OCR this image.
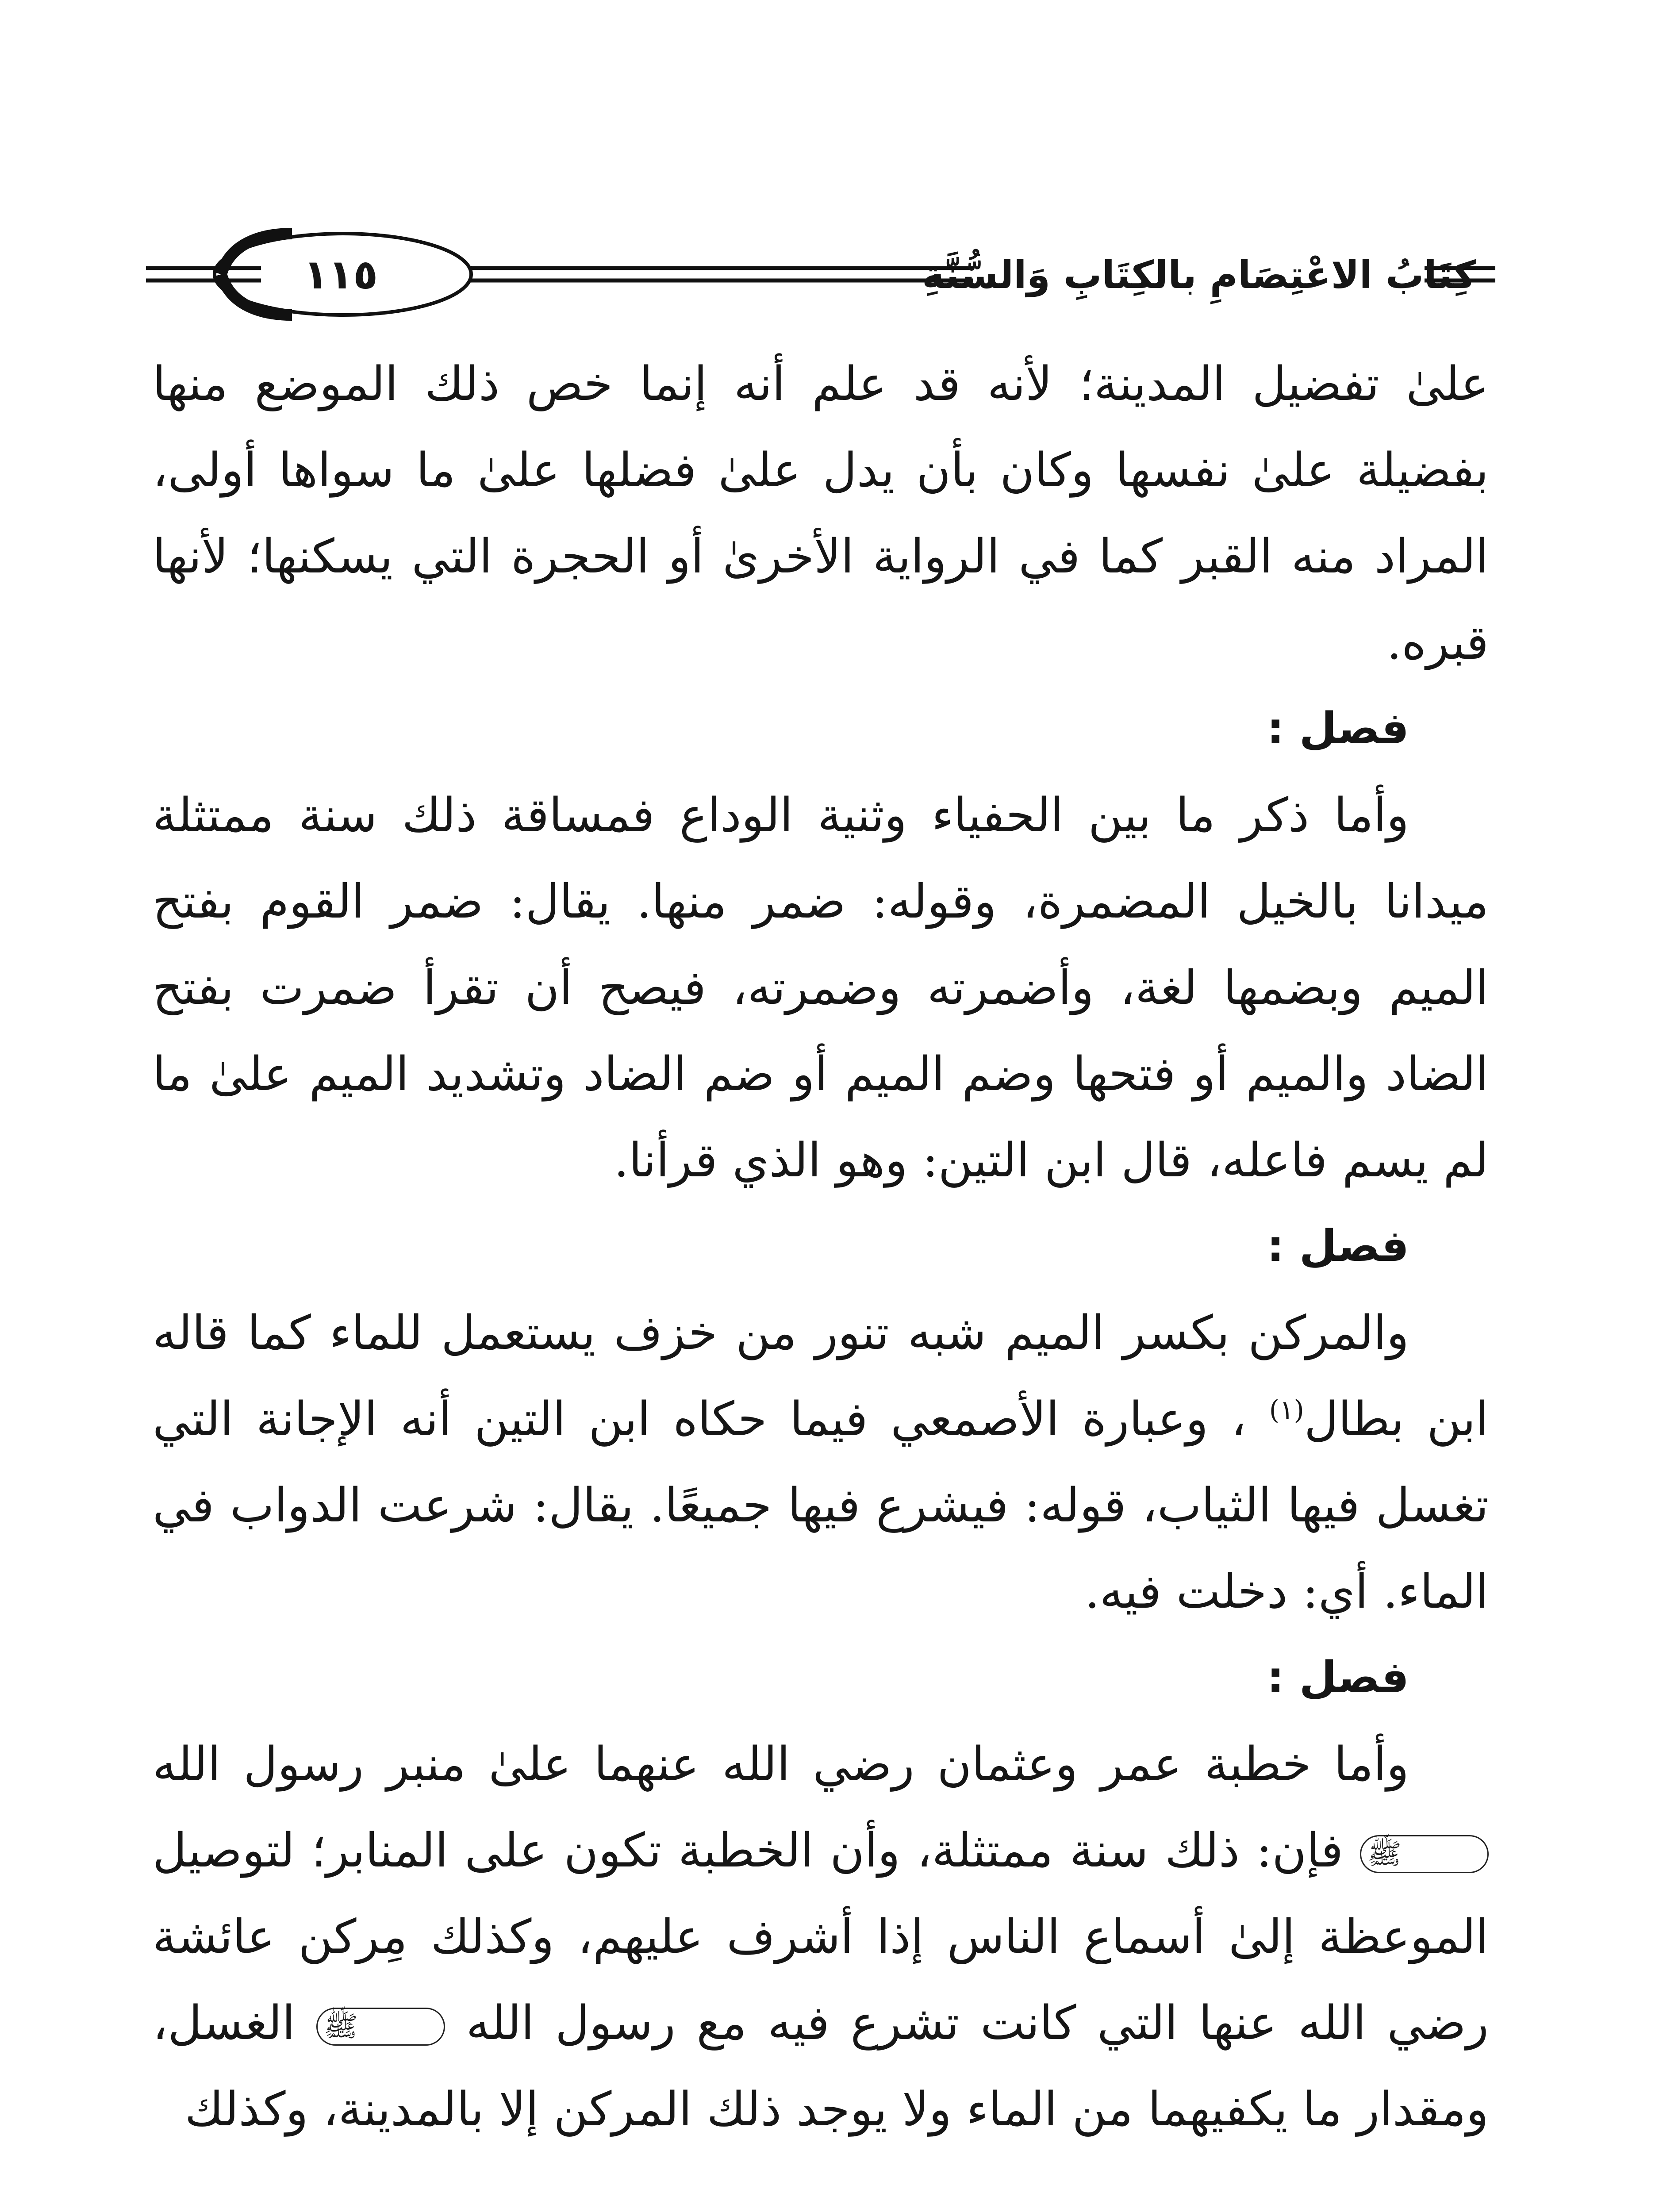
١١٥	كِتَابُ الاعْتِصَامِ بالكِتَابِ وَالسُّنَّةِ

علىٰ تفضيل المدينة؛ لأنه قد علم أنه إنما خص ذلك الموضع منها بفضيلة علىٰ نفسها وكان بأن يدل علىٰ فضلها علىٰ ما سواها أولى، المراد منه القبر كما في الرواية الأخرىٰ أو الحجرة التي يسكنها؛ لأنها قبره.

فصل :

وأما ذكر ما بين الحفياء وثنية الوداع فمساقة ذلك سنة ممتثلة ميدانا بالخيل المضمرة، وقوله: ضمر منها. يقال: ضمر القوم بفتح الميم وبضمها لغة، وأضمرته وضمرته، فيصح أن تقرأ ضمرت بفتح الضاد والميم أو فتحها وضم الميم أو ضم الضاد وتشديد الميم علىٰ ما لم يسم فاعله، قال ابن التين: وهو الذي قرأنا.

فصل :

والمركن بكسر الميم شبه تنور من خزف يستعمل للماء كما قاله ابن بطال$^{(١)}$ ، وعبارة الأصمعي فيما حكاه ابن التين أنه الإجانة التي تغسل فيها الثياب، قوله: فيشرع فيها جميعًا. يقال: شرعت الدواب في الماء. أي: دخلت فيه.

فصل :

وأما خطبة عمر وعثمان رضي الله عنهما علىٰ منبر رسول الله ﷺ فإن: ذلك سنة ممتثلة، وأن الخطبة تكون على المنابر؛ لتوصيل الموعظة إلىٰ أسماع الناس إذا أشرف عليهم، وكذلك مِركن عائشة رضي الله عنها التي كانت تشرع فيه مع رسول الله ﷺ الغسل، ومقدار ما يكفيهما من الماء ولا يوجد ذلك المركن إلا بالمدينة، وكذلك
